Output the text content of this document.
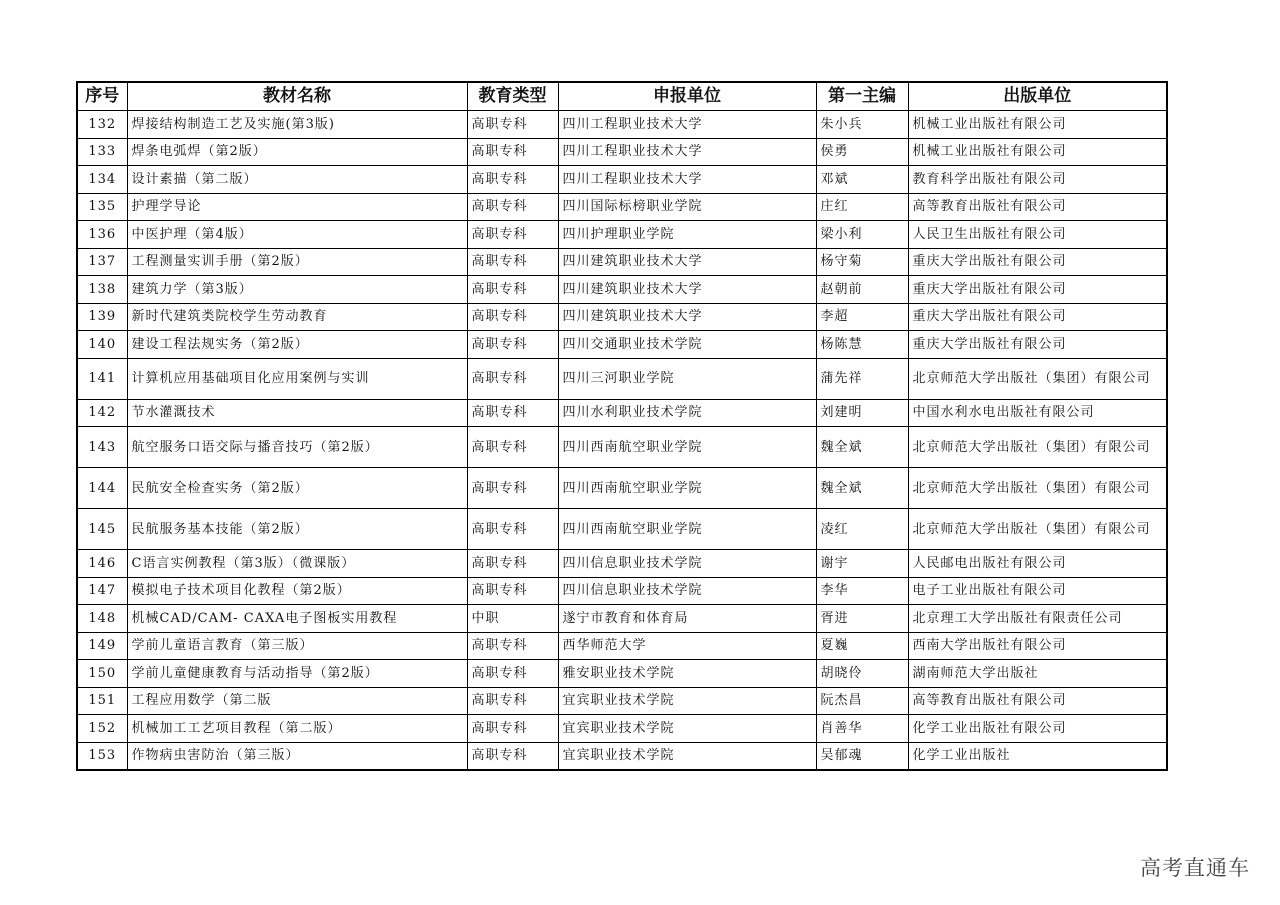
序号	教材名称	教育类型	申报单位	第一主编	出版单位
132	焊接结构制造工艺及实施(第3版)	高职专科	四川工程职业技术大学	朱小兵	机械工业出版社有限公司
133	焊条电弧焊（第2版）	高职专科	四川工程职业技术大学	侯勇	机械工业出版社有限公司
134	设计素描（第二版）	高职专科	四川工程职业技术大学	邓斌	教育科学出版社有限公司
135	护理学导论	高职专科	四川国际标榜职业学院	庄红	高等教育出版社有限公司
136	中医护理（第4版）	高职专科	四川护理职业学院	梁小利	人民卫生出版社有限公司
137	工程测量实训手册（第2版）	高职专科	四川建筑职业技术大学	杨守菊	重庆大学出版社有限公司
138	建筑力学（第3版）	高职专科	四川建筑职业技术大学	赵朝前	重庆大学出版社有限公司
139	新时代建筑类院校学生劳动教育	高职专科	四川建筑职业技术大学	李超	重庆大学出版社有限公司
140	建设工程法规实务（第2版）	高职专科	四川交通职业技术学院	杨陈慧	重庆大学出版社有限公司
141	计算机应用基础项目化应用案例与实训	高职专科	四川三河职业学院	蒲先祥	北京师范大学出版社（集团）有限公司
142	节水灌溉技术	高职专科	四川水利职业技术学院	刘建明	中国水利水电出版社有限公司
143	航空服务口语交际与播音技巧（第2版）	高职专科	四川西南航空职业学院	魏全斌	北京师范大学出版社（集团）有限公司
144	民航安全检查实务（第2版）	高职专科	四川西南航空职业学院	魏全斌	北京师范大学出版社（集团）有限公司
145	民航服务基本技能（第2版）	高职专科	四川西南航空职业学院	凌红	北京师范大学出版社（集团）有限公司
146	C语言实例教程（第3版）（微课版）	高职专科	四川信息职业技术学院	谢宇	人民邮电出版社有限公司
147	模拟电子技术项目化教程（第2版）	高职专科	四川信息职业技术学院	李华	电子工业出版社有限公司
148	机械CAD/CAM- CAXA电子图板实用教程	中职	遂宁市教育和体育局	胥进	北京理工大学出版社有限责任公司
149	学前儿童语言教育（第三版）	高职专科	西华师范大学	夏巍	西南大学出版社有限公司
150	学前儿童健康教育与活动指导（第2版）	高职专科	雅安职业技术学院	胡晓伶	湖南师范大学出版社
151	工程应用数学（第二版	高职专科	宜宾职业技术学院	阮杰昌	高等教育出版社有限公司
152	机械加工工艺项目教程（第二版）	高职专科	宜宾职业技术学院	肖善华	化学工业出版社有限公司
153	作物病虫害防治（第三版）	高职专科	宜宾职业技术学院	吴郁魂	化学工业出版社
高考直通车
